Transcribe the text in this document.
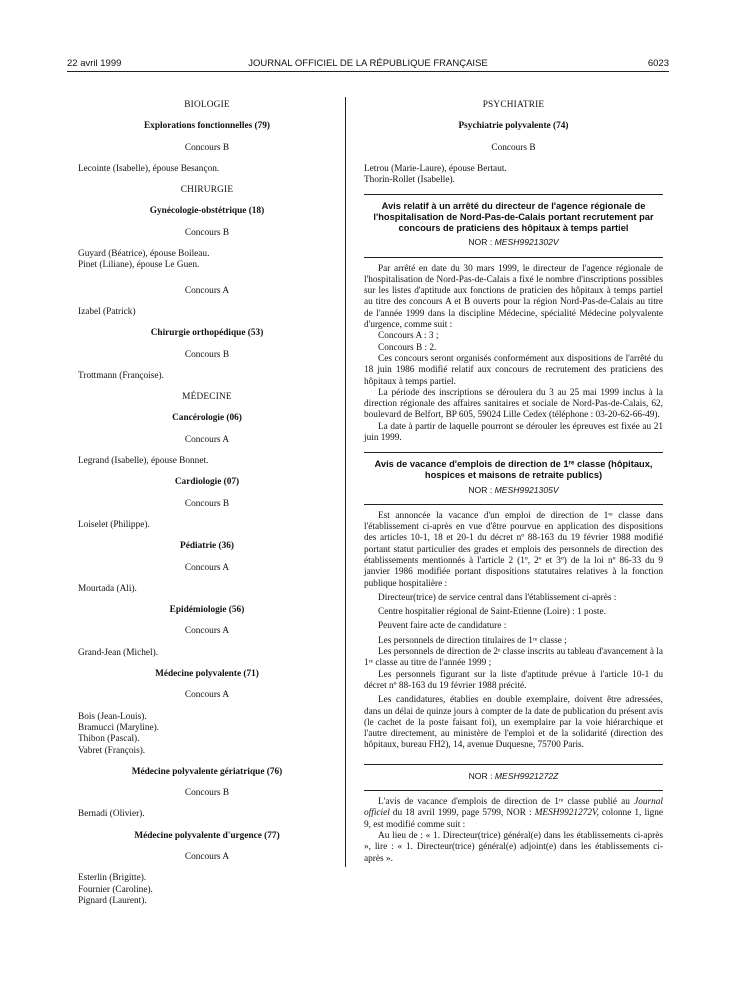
22 avril 1999	JOURNAL OFFICIEL DE LA RÉPUBLIQUE FRANÇAISE	6023
BIOLOGIE
Explorations fonctionnelles (79)
Concours B

Lecointe (Isabelle), épouse Besançon.

CHIRURGIE
Gynécologie-obstétrique (18)
Concours B

Guyard (Béatrice), épouse Boileau.

Pinet (Liliane), épouse Le Guen.

Concours A

Izabel (Patrick)

Chirurgie orthopédique (53)
Concours B

Trottmann (Françoise).

MÉDECINE
Cancérologie (06)
Concours A

Legrand (Isabelle), épouse Bonnet.

Cardiologie (07)
Concours B

Loiselet (Philippe).

Pédiatrie (36)
Concours A

Mourtada (Ali).

Epidémiologie (56)
Concours A

Grand-Jean (Michel).

Médecine polyvalente (71)
Concours A

Bois (Jean-Louis).

Bramucci (Maryline).

Thibon (Pascal).

Vabret (François).

Médecine polyvalente gériatrique (76)
Concours B

Bernadi (Olivier).

Médecine polyvalente d'urgence (77)
Concours A

Esterlin (Brigitte).

Fournier (Caroline).

Pignard (Laurent).

PSYCHIATRIE
Psychiatrie polyvalente (74)
Concours B

Letrou (Marie-Laure), épouse Bertaut.

Thorin-Rollet (Isabelle).

Avis relatif à un arrêté du directeur de l'agence régionale de l'hospitalisation de Nord-Pas-de-Calais portant recrutement par concours de praticiens des hôpitaux à temps partiel
NOR : MESH9921302V

Par arrêté en date du 30 mars 1999, le directeur de l'agence régionale de l'hospitalisation de Nord-Pas-de-Calais a fixé le nombre d'inscriptions possibles sur les listes d'aptitude aux fonctions de praticien des hôpitaux à temps partiel au titre des concours A et B ouverts pour la région Nord-Pas-de-Calais au titre de l'année 1999 dans la discipline Médecine, spécialité Médecine polyvalente d'urgence, comme suit :

Concours A : 3 ;

Concours B : 2.

Ces concours seront organisés conformément aux dispositions de l'arrêté du 18 juin 1986 modifié relatif aux concours de recrutement des praticiens des hôpitaux à temps partiel.

La période des inscriptions se déroulera du 3 au 25 mai 1999 inclus à la direction régionale des affaires sanitaires et sociale de Nord-Pas-de-Calais, 62, boulevard de Belfort, BP 605, 59024 Lille Cedex (téléphone : 03-20-62-66-49).

La date à partir de laquelle pourront se dérouler les épreuves est fixée au 21 juin 1999.

Avis de vacance d'emplois de direction de 1ʳᵉ classe (hôpitaux, hospices et maisons de retraite publics)
NOR : MESH9921305V

Est annoncée la vacance d'un emploi de direction de 1ʳᵉ classe dans l'établissement ci-après en vue d'être pourvue en application des dispositions des articles 10-1, 18 et 20-1 du décret nº 88-163 du 19 février 1988 modifié portant statut particulier des grades et emplois des personnels de direction des établissements mentionnés à l'article 2 (1º, 2º et 3º) de la loi nº 86-33 du 9 janvier 1986 modifiée portant dispositions statutaires relatives à la fonction publique hospitalière :

Directeur(trice) de service central dans l'établissement ci-après :

Centre hospitalier régional de Saint-Etienne (Loire) : 1 poste.

Peuvent faire acte de candidature :

Les personnels de direction titulaires de 1ʳᵉ classe ;

Les personnels de direction de 2ᵉ classe inscrits au tableau d'avancement à la 1ʳᵉ classe au titre de l'année 1999 ;

Les personnels figurant sur la liste d'aptitude prévue à l'article 10-1 du décret nº 88-163 du 19 février 1988 précité.

Les candidatures, établies en double exemplaire, doivent être adressées, dans un délai de quinze jours à compter de la date de publication du présent avis (le cachet de la poste faisant foi), un exemplaire par la voie hiérarchique et l'autre directement, au ministère de l'emploi et de la solidarité (direction des hôpitaux, bureau FH2), 14, avenue Duquesne, 75700 Paris.

NOR : MESH9921272Z

L'avis de vacance d'emplois de direction de 1ʳᵉ classe publié au Journal officiel du 18 avril 1999, page 5799, NOR : MESH9921272V, colonne 1, ligne 9, est modifié comme suit :

Au lieu de : « 1. Directeur(trice) général(e) dans les établissements ci-après », lire : « 1. Directeur(trice) général(e) adjoint(e) dans les établissements ci-après ».
